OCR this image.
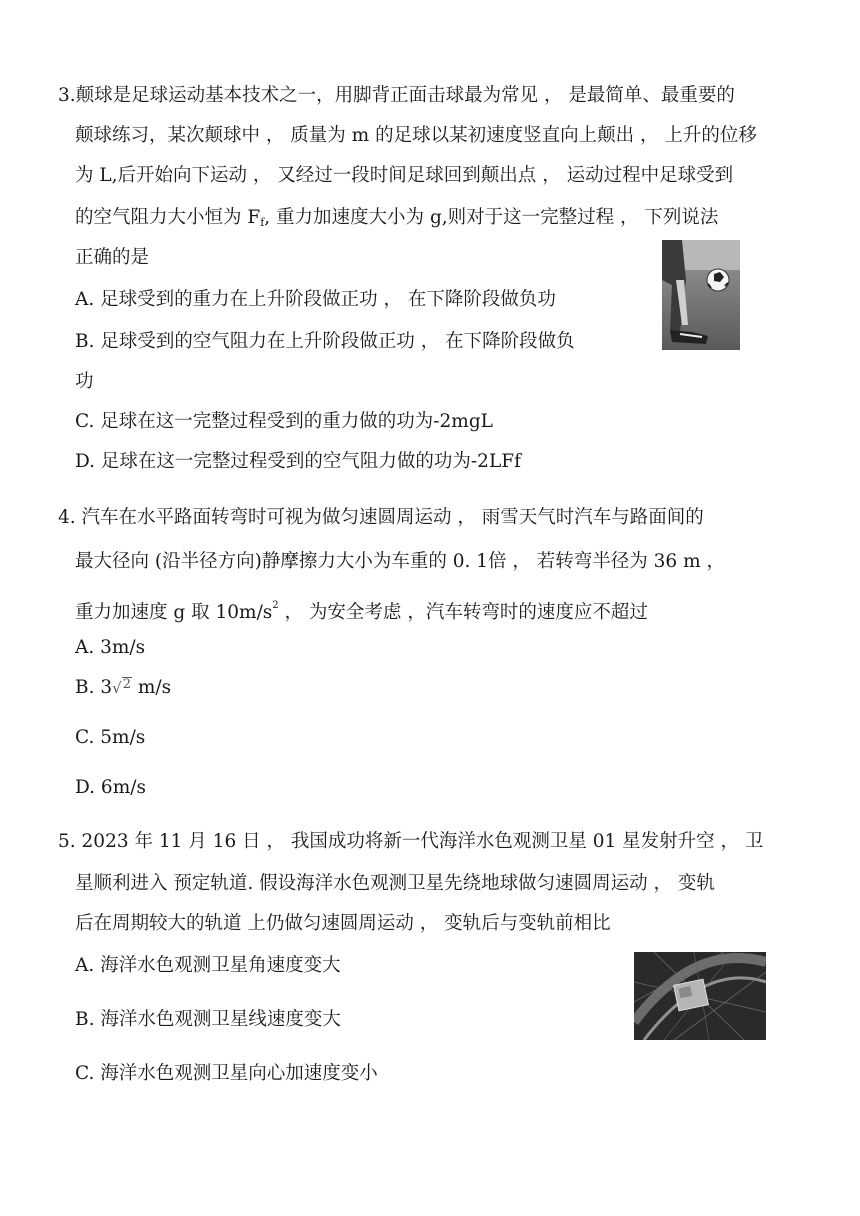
3.颠球是足球运动基本技术之一，用脚背正面击球最为常见 ， 是最简单、最重要的
颠球练习，某次颠球中 ， 质量为 m 的足球以某初速度竖直向上颠出 ， 上升的位移
为 L,后开始向下运动 ， 又经过一段时间足球回到颠出点 ， 运动过程中足球受到
的空气阻力大小恒为 $F_f$, 重力加速度大小为 g,则对于这一完整过程 ， 下列说法
正确的是
A. 足球受到的重力在上升阶段做正功 ， 在下降阶段做负功
B. 足球受到的空气阻力在上升阶段做正功 ， 在下降阶段做负
功
C. 足球在这一完整过程受到的重力做的功为-2mgL
D. 足球在这一完整过程受到的空气阻力做的功为-2LFf
4. 汽车在水平路面转弯时可视为做匀速圆周运动 ， 雨雪天气时汽车与路面间的
最大径向 (沿半径方向)静摩擦力大小为车重的 0. 1倍 ， 若转弯半径为 36 m ，
重力加速度 g 取 $10m/s^2$ ， 为安全考虑 ，汽车转弯时的速度应不超过
A. 3m/s
B. 3√2 m/s
C. 5m/s
D. 6m/s
5. 2023 年 11 月 16 日 ， 我国成功将新一代海洋水色观测卫星 01 星发射升空 ， 卫
星顺利进入 预定轨道. 假设海洋水色观测卫星先绕地球做匀速圆周运动 ， 变轨
后在周期较大的轨道 上仍做匀速圆周运动 ， 变轨后与变轨前相比
A. 海洋水色观测卫星角速度变大
B. 海洋水色观测卫星线速度变大
C. 海洋水色观测卫星向心加速度变小
